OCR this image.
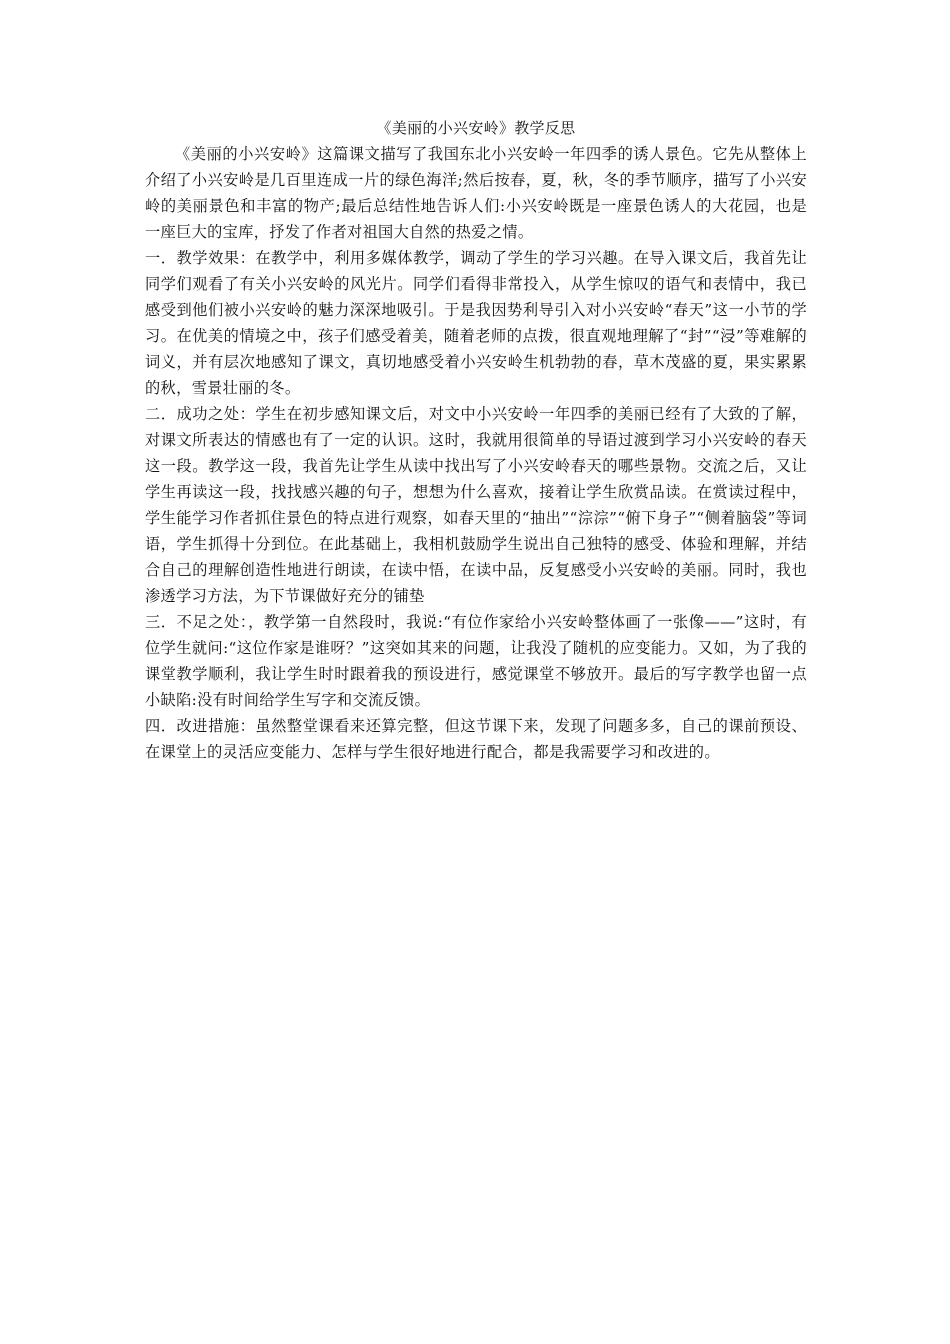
《美丽的小兴安岭》教学反思

《美丽的小兴安岭》这篇课文描写了我国东北小兴安岭一年四季的诱人景色。它先从整体上介绍了小兴安岭是几百里连成一片的绿色海洋;然后按春，夏，秋，冬的季节顺序，描写了小兴安岭的美丽景色和丰富的物产;最后总结性地告诉人们:小兴安岭既是一座景色诱人的大花园，也是一座巨大的宝库，抒发了作者对祖国大自然的热爱之情。

一．教学效果：在教学中，利用多媒体教学，调动了学生的学习兴趣。在导入课文后，我首先让同学们观看了有关小兴安岭的风光片。同学们看得非常投入，从学生惊叹的语气和表情中，我已感受到他们被小兴安岭的魅力深深地吸引。于是我因势利导引入对小兴安岭“春天”这一小节的学习。在优美的情境之中，孩子们感受着美，随着老师的点拨，很直观地理解了“封”“浸”等难解的词义，并有层次地感知了课文，真切地感受着小兴安岭生机勃勃的春，草木茂盛的夏，果实累累的秋，雪景壮丽的冬。

二．成功之处：学生在初步感知课文后，对文中小兴安岭一年四季的美丽已经有了大致的了解，对课文所表达的情感也有了一定的认识。这时，我就用很简单的导语过渡到学习小兴安岭的春天这一段。教学这一段，我首先让学生从读中找出写了小兴安岭春天的哪些景物。交流之后，又让学生再读这一段，找找感兴趣的句子，想想为什么喜欢，接着让学生欣赏品读。在赏读过程中，学生能学习作者抓住景色的特点进行观察，如春天里的“抽出”“淙淙”“俯下身子”“侧着脑袋”等词语，学生抓得十分到位。在此基础上，我相机鼓励学生说出自己独特的感受、体验和理解，并结合自己的理解创造性地进行朗读，在读中悟，在读中品，反复感受小兴安岭的美丽。同时，我也渗透学习方法，为下节课做好充分的铺垫

三．不足之处：，教学第一自然段时，我说:“有位作家给小兴安岭整体画了一张像——”这时，有位学生就问:“这位作家是谁呀？”这突如其来的问题，让我没了随机的应变能力。又如，为了我的课堂教学顺利，我让学生时时跟着我的预设进行，感觉课堂不够放开。最后的写字教学也留一点小缺陷:没有时间给学生写字和交流反馈。

四．改进措施：虽然整堂课看来还算完整，但这节课下来，发现了问题多多，自己的课前预设、在课堂上的灵活应变能力、怎样与学生很好地进行配合，都是我需要学习和改进的。
